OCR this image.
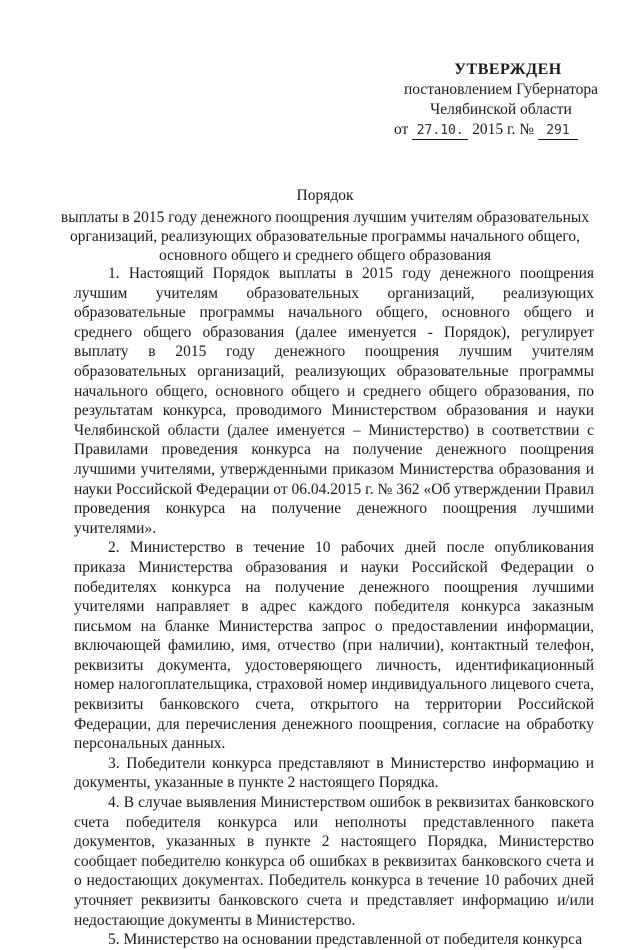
УТВЕРЖДЕН
постановлением Губернатора
Челябинской области
от 27.10. 2015 г. № 291
Порядок
выплаты в 2015 году денежного поощрения лучшим учителям образовательных организаций, реализующих образовательные программы начального общего, основного общего и среднего общего образования

1. Настоящий Порядок выплаты в 2015 году денежного поощрения лучшим учителям образовательных организаций, реализующих образовательные программы начального общего, основного общего и среднего общего образования (далее именуется - Порядок), регулирует выплату в 2015 году денежного поощрения лучшим учителям образовательных организаций, реализующих образовательные программы начального общего, основного общего и среднего общего образования, по результатам конкурса, проводимого Министерством образования и науки Челябинской области (далее именуется – Министерство) в соответствии с Правилами проведения конкурса на получение денежного поощрения лучшими учителями, утвержденными приказом Министерства образования и науки Российской Федерации от 06.04.2015 г. № 362 «Об утверждении Правил проведения конкурса на получение денежного поощрения лучшими учителями».

2. Министерство в течение 10 рабочих дней после опубликования приказа Министерства образования и науки Российской Федерации о победителях конкурса на получение денежного поощрения лучшими учителями направляет в адрес каждого победителя конкурса заказным письмом на бланке Министерства запрос о предоставлении информации, включающей фамилию, имя, отчество (при наличии), контактный телефон, реквизиты документа, удостоверяющего личность, идентификационный номер налогоплательщика, страховой номер индивидуального лицевого счета, реквизиты банковского счета, открытого на территории Российской Федерации, для перечисления денежного поощрения, согласие на обработку персональных данных.

3. Победители конкурса представляют в Министерство информацию и документы, указанные в пункте 2 настоящего Порядка.

4. В случае выявления Министерством ошибок в реквизитах банковского счета победителя конкурса или неполноты представленного пакета документов, указанных в пункте 2 настоящего Порядка, Министерство сообщает победителю конкурса об ошибках в реквизитах банковского счета и о недостающих документах. Победитель конкурса в течение 10 рабочих дней уточняет реквизиты банковского счета и представляет информацию и/или недостающие документы в Министерство.

5. Министерство на основании представленной от победителя конкурса
